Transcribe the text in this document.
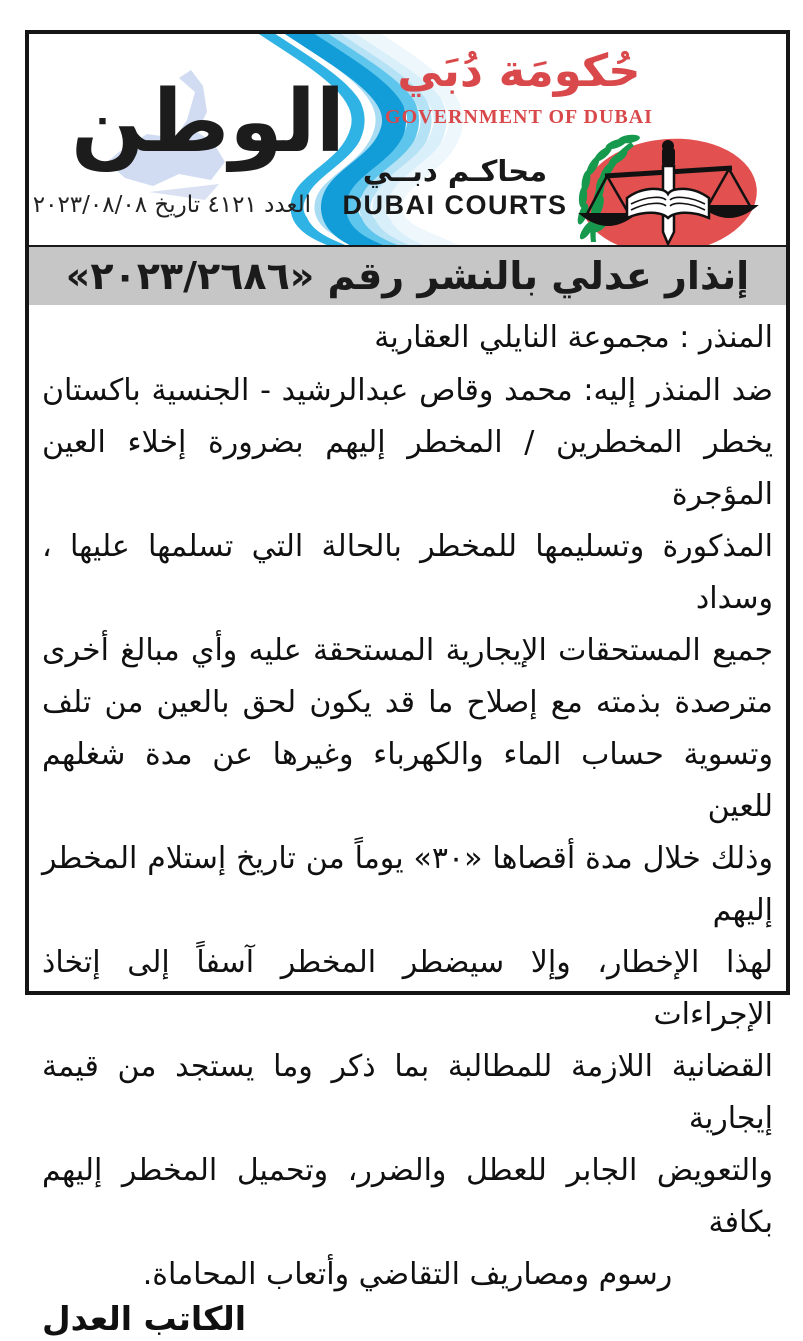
الوطن
العدد ٤١٢١ تاريخ ٢٠٢٣/٠٨/٠٨
حُكومَة دُبَي
GOVERNMENT OF DUBAI
محاكـم دبــي
DUBAI COURTS
إنذار عدلي بالنشر رقم «٢٠٢٣/٢٦٨٦»
المنذر : مجموعة النايلي العقارية
ضد المنذر إليه: محمد وقاص عبدالرشيد - الجنسية باكستان
يخطر المخطرين / المخطر إليهم بضرورة إخلاء العين المؤجرة
المذكورة وتسليمها للمخطر بالحالة التي تسلمها عليها ، وسداد
جميع المستحقات الإيجارية المستحقة عليه وأي مبالغ أخرى
مترصدة بذمته مع إصلاح ما قد يكون لحق بالعين من تلف
وتسوية حساب الماء والكهرباء وغيرها عن مدة شغلهم للعين
وذلك خلال مدة أقصاها «٣٠» يوماً من تاريخ إستلام المخطر إليهم
لهذا الإخطار، وإلا سيضطر المخطر آسفاً إلى إتخاذ الإجراءات
القضانية اللازمة للمطالبة بما ذكر وما يستجد من قيمة إيجارية
والتعويض الجابر للعطل والضرر، وتحميل المخطر إليهم بكافة
رسوم ومصاريف التقاضي وأتعاب المحاماة.
الكاتب العدل
